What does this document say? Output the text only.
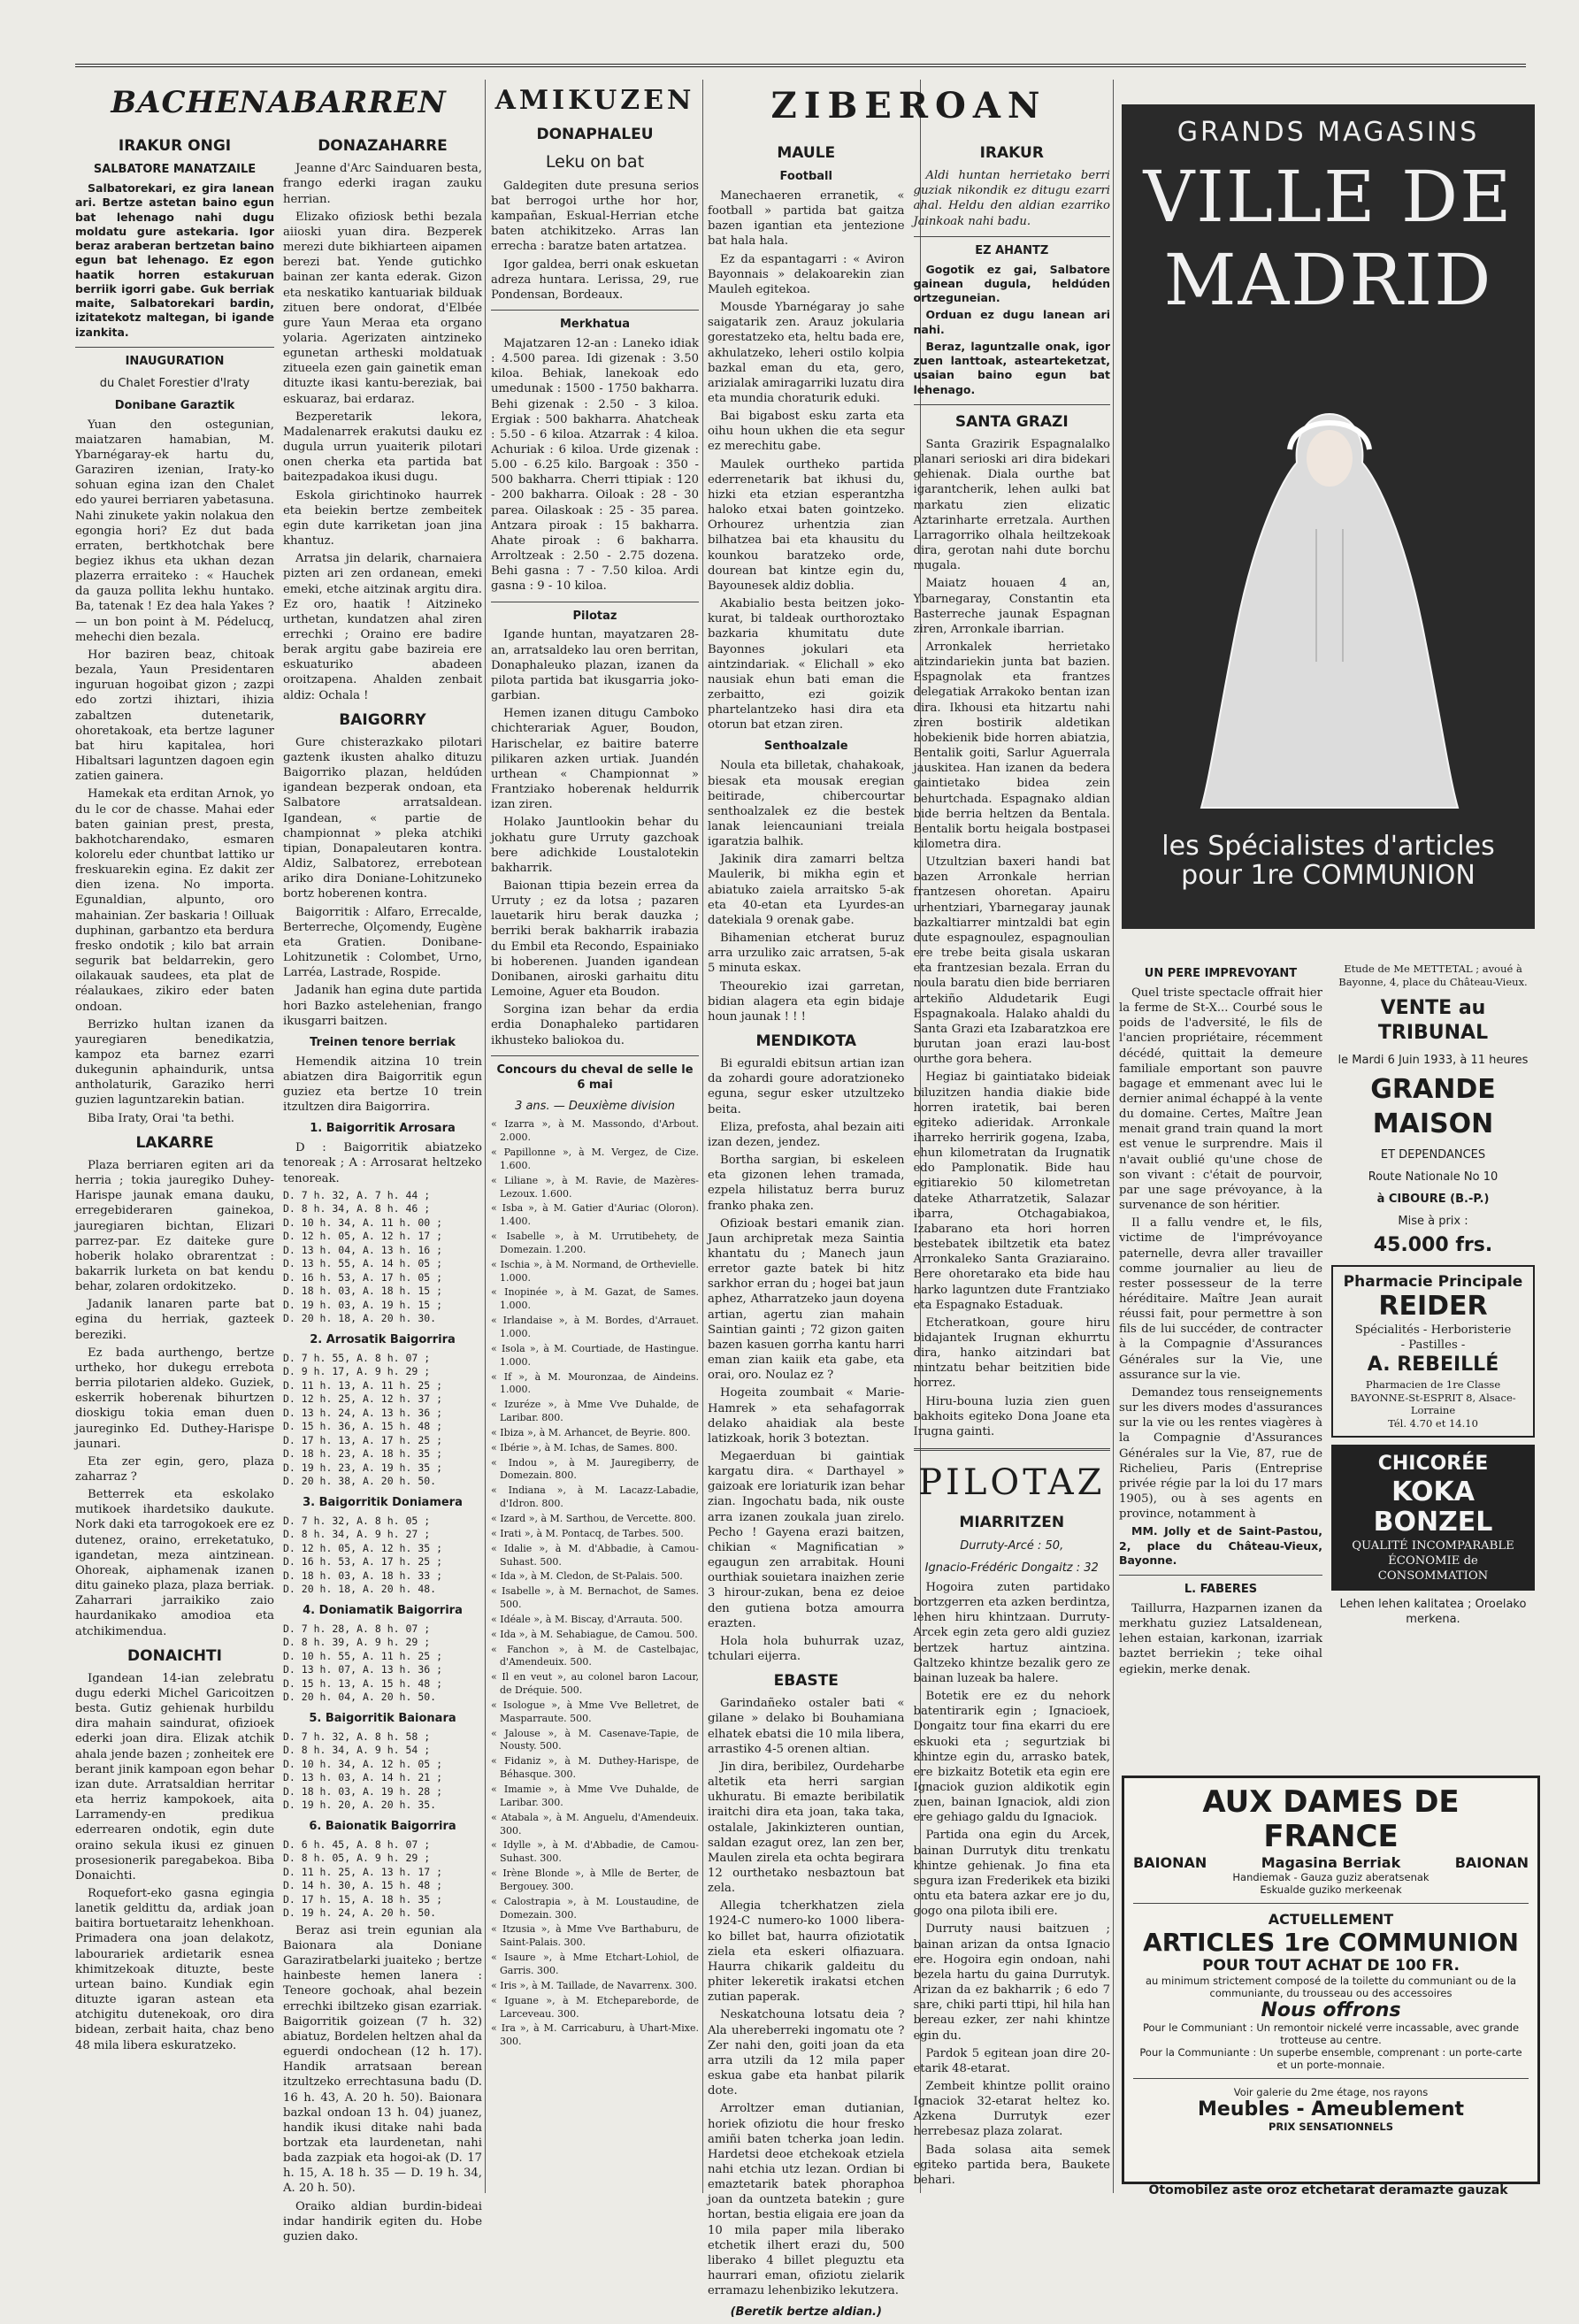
BACHENABARREN
IRAKUR ONGI
SALBATORE MANATZAILE

Salbatorekari, ez gira lanean ari. Bertze astetan baino egun bat lehenago nahi dugu moldatu gure astekaria. Igor beraz araberan bertzetan baino egun bat lehenago. Ez egon haatik horren estakuruan berriik igorri gabe. Guk berriak maite, Salbatorekari bardin, izitatekotz maltegan, bi igande izankita.

INAUGURATION
du Chalet Forestier d'Iraty
Donibane Garaztik

Yuan den ostegunian, maiatzaren hamabian, M. Ybarnégaray-ek hartu du, Garaziren izenian, Iraty-ko sohuan egina izan den Chalet edo yaurei berriaren yabetasuna. Nahi zinukete yakin nolakua den egongia hori? Ez dut bada erraten, bertkhotchak bere begiez ikhus eta ukhan dezan plazerra erraiteko : « Hauchek da gauza pollita lekhu huntako. Ba, tatenak ! Ez dea hala Yakes ? — un bon point à M. Pédelucq, mehechi dien bezala.

Hor baziren beaz, chitoak bezala, Yaun Presidentaren inguruan hogoibat gizon ; zazpi edo zortzi ihiztari, ihizia zabaltzen dutenetarik, ohoretakoak, eta bertze laguner bat hiru kapitalea, hori Hibaltsari laguntzen dagoen egin zatien gainera.

Hamekak eta erditan Arnok, yo du le cor de chasse. Mahai eder baten gainian prest, presta, bakhotcharendako, esmaren kolorelu eder chuntbat lattiko ur freskuarekin egina. Ez dakit zer dien izena. No importa. Egunaldian, alpunto, oro mahainian. Zer baskaria ! Oilluak duphinan, garbantzo eta berdura fresko ondotik ; kilo bat arrain segurik bat beldarrekin, gero oilakauak saudees, eta plat de réalaukaes, zikiro eder baten ondoan.

Berrizko hultan izanen da yauregiaren benedikatzia, kampoz eta barnez ezarri dukegunin aphaindurik, untsa antholaturik, Garaziko herri guzien laguntzarekin batian.

Biba Iraty, Orai 'ta bethi.

LAKARRE

Plaza berriaren egiten ari da herria ; tokia jauregiko Duhey-Harispe jaunak emana dauku, erregebideraren gainekoa, jauregiaren bichtan, Elizari parrez-par. Ez daiteke gure hoberik holako obrarentzat : bakarrik lurketa on bat kendu behar, zolaren ordokitzeko.

Jadanik lanaren parte bat egina du herriak, gazteek bereziki.

Ez bada aurthengo, bertze urtheko, hor dukegu errebota berria pilotarien aldeko. Guziek, eskerrik hoberenak bihurtzen dioskigu tokia eman duen jaureginko Ed. Duthey-Harispe jaunari.

Eta zer egin, gero, plaza zaharraz ?

Betterrek eta eskolako mutikoek ihardetsiko daukute. Nork daki eta tarrogokoek ere ez dutenez, oraino, erreketatuko, igandetan, meza aintzinean. Ohoreak, aiphamenak izanen ditu gaineko plaza, plaza berriak. Zaharrari jarraikiko zaio haurdanikako amodioa eta atchikimendua.

DONAICHTI

Igandean 14-ian zelebratu dugu ederki Michel Garicoitzen besta. Gutiz gehienak hurbildu dira mahain saindurat, ofizioek ederki joan dira. Elizak atchik ahala jende bazen ; zonheitek ere berant jinik kampoan egon behar izan dute. Arratsaldian herritar eta herriz kampokoek, aita Larramendy-en predikua ederrearen ondotik, egin dute oraino sekula ikusi ez ginuen prosesionerik paregabekoa. Biba Donaichti.

Roquefort-eko gasna egingia lanetik geldittu da, ardiak joan baitira bortuetaraitz lehenkhoan. Primadera ona joan delakotz, labourariek ardietarik esnea khimitzekoak dituzte, beste urtean baino. Kundiak egin dituzte igaran astean eta atchigitu dutenekoak, oro dira bidean, zerbait haita, chaz beno 48 mila libera eskuratzeko.

DONAZAHARRE

Jeanne d'Arc Sainduaren besta, frango ederki iragan zauku herrian.

Elizako ofiziosk bethi bezala aiioski yuan dira. Bezperek merezi dute bikhiarteen aipamen berezi bat. Yende gutichko bainan zer kanta ederak. Gizon eta neskatiko kantuariak bilduak zituen bere ondorat, d'Elbée gure Yaun Meraa eta organo yolaria. Agerizaten aintzineko egunetan artheski moldatuak zitueela ezen gain gainetik eman dituzte ikasi kantu-bereziak, bai eskuaraz, bai erdaraz.

Bezperetarik lekora, Madalenarrek erakutsi dauku ez dugula urrun yuaiterik pilotari onen cherka eta partida bat baitezpadakoa ikusi dugu.

Eskola girichtinoko haurrek eta beiekin bertze zembeitek egin dute karriketan joan jina khantuz.

Arratsa jin delarik, charnaiera pizten ari zen ordanean, emeki emeki, etche aitzinak argitu dira. Ez oro, haatik ! Aitzineko urthetan, kundatzen ahal ziren errechki ; Oraino ere badire berak argitu gabe bazireia ere eskuaturiko abadeen oroitzapena. Ahalden zenbait aldiz: Ochala !

BAIGORRY

Gure chisterazkako pilotari gaztenk ikusten ahalko dituzu Baigorriko plazan, heldúden igandean bezperak ondoan, eta Salbatore arratsaldean. Igandean, « partie de championnat » pleka atchiki tipian, Donapaleutaren kontra. Aldiz, Salbatorez, errebotean ariko dira Doniane-Lohitzuneko bortz hoberenen kontra.

Baigorritik : Alfaro, Errecalde, Berterreche, Olçomendy, Eugène eta Gratien. Donibane-Lohitzunetik : Colombet, Urno, Larréa, Lastrade, Rospide.

Jadanik han egina dute partida hori Bazko astelehenian, frango ikusgarri baitzen.

Treinen tenore berriak

Hemendik aitzina 10 trein abiatzen dira Baigorritik egun guziez eta bertze 10 trein itzultzen dira Baigorrira.

1. Baigorritik Arrosara

D : Baigorritik abiatzeko tenoreak ; A : Arrosarat heltzeko tenoreak.

D. 7 h. 32, A. 7 h. 44 ;
D. 8 h. 34, A. 8 h. 46 ;
D. 10 h. 34, A. 11 h. 00 ;
D. 12 h. 05, A. 12 h. 17 ;
D. 13 h. 04, A. 13 h. 16 ;
D. 13 h. 55, A. 14 h. 05 ;
D. 16 h. 53, A. 17 h. 05 ;
D. 18 h. 03, A. 18 h. 15 ;
D. 19 h. 03, A. 19 h. 15 ;
D. 20 h. 18, A. 20 h. 30.
2. Arrosatik Baigorrira
D. 7 h. 55, A. 8 h. 07 ;
D. 9 h. 17, A. 9 h. 29 ;
D. 11 h. 13, A. 11 h. 25 ;
D. 12 h. 25, A. 12 h. 37 ;
D. 13 h. 24, A. 13 h. 36 ;
D. 15 h. 36, A. 15 h. 48 ;
D. 17 h. 13, A. 17 h. 25 ;
D. 18 h. 23, A. 18 h. 35 ;
D. 19 h. 23, A. 19 h. 35 ;
D. 20 h. 38, A. 20 h. 50.
3. Baigorritik Doniamera
D. 7 h. 32, A. 8 h. 05 ;
D. 8 h. 34, A. 9 h. 27 ;
D. 12 h. 05, A. 12 h. 35 ;
D. 16 h. 53, A. 17 h. 25 ;
D. 18 h. 03, A. 18 h. 33 ;
D. 20 h. 18, A. 20 h. 48.
4. Doniamatik Baigorrira
D. 7 h. 28, A. 8 h. 07 ;
D. 8 h. 39, A. 9 h. 29 ;
D. 10 h. 55, A. 11 h. 25 ;
D. 13 h. 07, A. 13 h. 36 ;
D. 15 h. 13, A. 15 h. 48 ;
D. 20 h. 04, A. 20 h. 50.
5. Baigorritik Baionara
D. 7 h. 32, A. 8 h. 58 ;
D. 8 h. 34, A. 9 h. 54 ;
D. 10 h. 34, A. 12 h. 05 ;
D. 13 h. 03, A. 14 h. 21 ;
D. 18 h. 03, A. 19 h. 28 ;
D. 19 h. 20, A. 20 h. 35.
6. Baionatik Baigorrira
D. 6 h. 45, A. 8 h. 07 ;
D. 8 h. 05, A. 9 h. 29 ;
D. 11 h. 25, A. 13 h. 17 ;
D. 14 h. 30, A. 15 h. 48 ;
D. 17 h. 15, A. 18 h. 35 ;
D. 19 h. 24, A. 20 h. 50.

Beraz asi trein egunian ala Baionara ala Doniane Garaziratbelarki juaiteko ; bertze hainbeste hemen lanera : Teneore gochoak, ahal bezein errechki ibiltzeko gisan ezarriak. Baigorritik goizean (7 h. 32) abiatuz, Bordelen heltzen ahal da eguerdi ondochean (12 h. 17). Handik arratsaan berean itzultzeko errechtasuna badu (D. 16 h. 43, A. 20 h. 50). Baionara bazkal ondoan 13 h. 04) juanez, handik ikusi ditake nahi bada bortzak eta laurdenetan, nahi bada zazpiak eta hogoi-ak (D. 17 h. 15, A. 18 h. 35 — D. 19 h. 34, A. 20 h. 50).

Oraiko aldian burdin-bideai indar handirik egiten du. Hobe guzien dako.

AMIKUZEN
DONAPHALEU
Leku on bat

Galdegiten dute presuna serios bat berrogoi urthe hor hor, kampañan, Eskual-Herrian etche baten atchikitzeko. Arras lan errecha : baratze baten artatzea.

Igor galdea, berri onak eskuetan adreza huntara. Lerissa, 29, rue Pondensan, Bordeaux.

Merkhatua

Majatzaren 12-an : Laneko idiak : 4.500 parea. Idi gizenak : 3.50 kiloa. Behiak, lanekoak edo umedunak : 1500 - 1750 bakharra. Behi gizenak : 2.50 - 3 kiloa. Ergiak : 500 bakharra. Ahatcheak : 5.50 - 6 kiloa. Atzarrak : 4 kiloa. Achuriak : 6 kiloa. Urde gizenak : 5.00 - 6.25 kilo. Bargoak : 350 - 500 bakharra. Cherri ttipiak : 120 - 200 bakharra. Oiloak : 28 - 30 parea. Oilaskoak : 25 - 35 parea. Antzara piroak : 15 bakharra. Ahate piroak : 6 bakharra. Arroltzeak : 2.50 - 2.75 dozena. Behi gasna : 7 - 7.50 kiloa. Ardi gasna : 9 - 10 kiloa.

Pilotaz

Igande huntan, mayatzaren 28-an, arratsaldeko lau oren berritan, Donaphaleuko plazan, izanen da pilota partida bat ikusgarria joko-garbian.

Hemen izanen ditugu Camboko chichterariak Aguer, Boudon, Harischelar, ez baitire baterre pilikaren azken urtiak. Juandén urthean « Championnat » Frantziako hoberenak heldurrik izan ziren.

Holako Jauntlookin behar du jokhatu gure Urruty gazchoak bere adichkide Loustalotekin bakharrik.

Baionan ttipia bezein errea da Urruty ; ez da lotsa ; pazaren lauetarik hiru berak dauzka ; berriki berak bakharrik irabazia du Embil eta Recondo, Espainiako bi hoberenen. Juanden igandean Donibanen, airoski garhaitu ditu Lemoine, Aguer eta Boudon.

Sorgina izan behar da erdia erdia Donaphaleko partidaren ikhusteko baliokoa du.

Concours du cheval de selle le 6 mai
3 ans. — Deuxième division
« Izarra », à M. Massondo, d'Arbout. 2.000.
« Papillonne », à M. Vergez, de Cize. 1.600.
« Liliane », à M. Ravie, de Mazères-Lezoux. 1.600.
« Isba », à M. Gatier d'Auriac (Oloron). 1.400.
« Isabelle », à M. Urrutibehety, de Domezain. 1.200.
« Ischia », à M. Normand, de Orthevielle. 1.000.
« Inopinée », à M. Gazat, de Sames. 1.000.
« Irlandaise », à M. Bordes, d'Arrauet. 1.000.
« Isola », à M. Courtiade, de Hastingue. 1.000.
« If », à M. Mouronzaa, de Aindeins. 1.000.
« Izuréze », à Mme Vve Duhalde, de Laribar. 800.
« Ibiza », à M. Arhancet, de Beyrie. 800.
« Ibérie », à M. Ichas, de Sames. 800.
« Indou », à M. Jauregiberry, de Domezain. 800.
« Indiana », à M. Lacazz-Labadie, d'Idron. 800.
« Izard », à M. Sarthou, de Vercette. 800.
« Irati », à M. Pontacq, de Tarbes. 500.
« Idalie », à M. d'Abbadie, à Camou-Suhast. 500.
« Ida », à M. Cledon, de St-Palais. 500.
« Isabelle », à M. Bernachot, de Sames. 500.
« Idéale », à M. Biscay, d'Arrauta. 500.
« Ida », à M. Sehabiague, de Camou. 500.
« Fanchon », à M. de Castelbajac, d'Amendeuix. 500.
« Il en veut », au colonel baron Lacour, de Dréquie. 500.
« Isologue », à Mme Vve Belletret, de Masparraute. 500.
« Jalouse », à M. Casenave-Tapie, de Nousty. 500.
« Fidaniz », à M. Duthey-Harispe, de Béhasque. 300.
« Imamie », à Mme Vve Duhalde, de Laribar. 300.
« Atabala », à M. Anguelu, d'Amendeuix. 300.
« Idylle », à M. d'Abbadie, de Camou-Suhast. 300.
« Irène Blonde », à Mlle de Berter, de Bergouey. 300.
« Calostrapia », à M. Loustaudine, de Domezain. 300.
« Itzusia », à Mme Vve Barthaburu, de Saint-Palais. 300.
« Isaure », à Mme Etchart-Lohiol, de Garris. 300.
« Iris », à M. Taillade, de Navarrenx. 300.
« Iguane », à M. Etchepareborde, de Larceveau. 300.
« Ira », à M. Carricaburu, à Uhart-Mixe. 300.
ZIBEROAN
MAULE
Football

Manechaeren erranetik, « football » partida bat gaitza bazen igantian eta jentezione bat hala hala.

Ez da espantagarri : « Aviron Bayonnais » delakoarekin zian Mauleh egitekoa.

Mousde Ybarnégaray jo sahe saigatarik zen. Arauz jokularia gorestatzeko eta, heltu bada ere, akhulatzeko, leheri ostilo kolpia bazkal eman du eta, gero, arizialak amiragarriki luzatu dira eta mundia choraturik eduki.

Bai bigabost esku zarta eta oihu houn ukhen die eta segur ez merechitu gabe.

Maulek ourtheko partida ederrenetarik bat ikhusi du, hizki eta etzian esperantzha haloko etxai baten gointzeko. Orhourez urhentzia zian bilhatzea bai eta khausitu du kounkou baratzeko orde, dourean bat kintze egin du, Bayounesek aldiz doblia.

Akabialio besta beitzen joko-kurat, bi taldeak ourthoroztako bazkaria khumitatu dute Bayonnes jokulari eta aintzindariak. « Elichall » eko nausiak ehun bati eman die zerbaitto, ezi goizik phartelantzeko hasi dira eta otorun bat etzan ziren.

Senthoalzale

Noula eta billetak, chahakoak, biesak eta mousak eregian beitirade, chibercourtar senthoalzalek ez die bestek lanak leiencauniani treiala igaratzia balhik.

Jakinik dira zamarri beltza Maulerik, bi mikha egin et abiatuko zaiela arraitsko 5-ak eta 40-etan eta Lyurdes-an datekiala 9 orenak gabe.

Bihamenian etcherat buruz arra urzuliko zaic arratsen, 5-ak 5 minuta eskax.

Theourekio izai garretan, bidian alagera eta egin bidaje houn jaunak ! ! !

MENDIKOTA

Bi eguraldi ebitsun artian izan da zohardi goure adoratzioneko eguna, segur esker utzultzeko beita.

Eliza, prefosta, ahal bezain aiti izan dezen, jendez.

Bortha sargian, bi eskeleen eta gizonen lehen tramada, ezpela hilistatuz berra buruz franko phaka zen.

Ofizioak bestari emanik zian. Jaun archipretak meza Saintia khantatu du ; Manech jaun erretor gazte batek bi hitz sarkhor erran du ; hogei bat jaun aphez, Atharratzeko jaun doyena artian, agertu zian mahain Saintian gainti ; 72 gizon gaiten bazen kasuen gorrha kantu harri eman zian kaiik eta gabe, eta orai, oro. Noulaz ez ?

Hogeita zoumbait « Marie-Hamrek » eta sehafagorrak delako ahaidiak ala beste latizkoak, horik 3 boteztan.

Megaerduan bi gaintiak kargatu dira. « Darthayel » gaizoak ere loriaturik izan behar zian. Ingochatu bada, nik ouste arra izanen zoukala juan zirelo. Pecho ! Gayena erazi baitzen, chikian « Magnificatian » egaugun zen arrabitak. Houni ourthiak souietara inaizhen zerie 3 hirour-zukan, bena ez deioe den gutiena botza amourra erazten.

Hola hola buhurrak uzaz, tchulari eijerra.

EBASTE

Garindañeko ostaler bati « gilane » delako bi Bouhamiana elhatek ebatsi die 10 mila libera, arrastiko 4-5 orenen altian.

Jin dira, beribilez, Ourdeharbe altetik eta herri sargian ukhuratu. Bi emazte beribilatik iraitchi dira eta joan, taka taka, ostalale, Jakinkizteren ountian, saldan ezagut orez, lan zen ber, Maulen zirela eta ochta begirara 12 ourthetako nesbaztoun bat zela.

Allegia tcherkhatzen ziela 1924-C numero-ko 1000 libera-ko billet bat, haurra ofiziotatik ziela eta eskeri olfiazuara. Haurra chikarik galdeitu du phiter lekeretik irakatsi etchen zutian paperak.

Neskatchouna lotsatu deia ? Ala uhereberreki ingomatu ote ? Zer nahi den, goiti joan da eta arra utzili da 12 mila paper eskua gabe eta hanbat pilarik dote.

Arroltzer eman dutianian, horiek ofiziotu die hour fresko amiñi baten tcherka joan ledin. Hardetsi deoe etchekoak etziela nahi etchia utz lezan. Ordian bi emaztetarik batek phoraphoa joan da ountzeta batekin ; gure hortan, bestia eligaia ere joan da 10 mila paper mila liberako etchetik ilhert erazi du, 500 liberako 4 billet pleguztu eta haurrari eman, ofiziotu zielarik erramazu lehenbiziko lekutzera.

(Beretik bertze aldian.)
IRAKUR

Aldi huntan herrietako berri guziak nikondik ez ditugu ezarri ahal. Heldu den aldian ezarriko Jainkoak nahi badu.

EZ AHANTZ

Gogotik ez gai, Salbatore gainean dugula, heldúden ortzeguneian.

Orduan ez dugu lanean ari nahi.

Beraz, laguntzalle onak, igor zuen lanttoak, astearteketzat, usaian baino egun bat lehenago.

SANTA GRAZI

Santa Grazirik Espagnalalko planari serioski ari dira bidekari gehienak. Diala ourthe bat igarantcherik, lehen aulki bat markatu zien elizatic Aztarinharte erretzala. Aurthen Larragorriko olhala heiltzekoak dira, gerotan nahi dute borchu mugala.

Maiatz houaen 4 an, Ybarnegaray, Constantin eta Basterreche jaunak Espagnan ziren, Arronkale ibarrian.

Arronkalek herrietako aitzindariekin junta bat bazien. Espagnolak eta frantzes delegatiak Arrakoko bentan izan dira. Ikhousi eta hitzartu nahi ziren bostirik aldetikan hobekienik bide horren abiatzia, Bentalik goiti, Sarlur Aguerrala jauskitea. Han izanen da bedera gaintietako bidea zein behurtchada. Espagnako aldian bide berria heltzen da Bentala. Bentalik bortu heigala bostpasei kilometra dira.

Utzultzian baxeri handi bat bazen Arronkale herrian frantzesen ohoretan. Apairu urhentziari, Ybarnegaray jaunak bazkaltiarrer mintzaldi bat egin dute espagnoulez, espagnoulian ere trebe beita gisala uskaran eta frantzesian bezala. Erran du noula baratu dien bide berriaren artekiño Aldudetarik Eugi Espagnakoala. Halako ahaldi du Santa Grazi eta Izabaratzkoa ere burutan joan erazi lau-bost ourthe gora behera.

Hegiaz bi gaintiatako bideiak biluzitzen handia diakie bide horren iratetik, bai beren egiteko adieridak. Arronkale iharreko herririk gogena, Izaba, ehun kilometratan da Irugnatik edo Pamplonatik. Bide hau egitiarekio 50 kilometretan dateke Atharratzetik, Salazar ibarra, Otchagabiakoa, Izabarano eta hori horren bestebatek ibiltzetik eta batez Arronkaleko Santa Graziaraino. Bere ohoretarako eta bide hau harko laguntzen dute Frantziako eta Espagnako Estaduak.

Etcheratkoan, goure hiru bidajantek Irugnan ekhurrtu dira, hanko aitzindari bat mintzatu behar beitzitien bide horrez.

Hiru-bouna luzia zien guen bakhoits egiteko Dona Joane eta Irugna gainti.

PILOTAZ
MIARRITZEN
Durruty-Arcé : 50,
Ignacio-Frédéric Dongaitz : 32

Hogoira zuten partidako bortzgerren eta azken berdintza, lehen hiru khintzaan. Durruty-Arcek egin zeta gero aldi guziez bertzek hartuz aintzina. Galtzeko khintze bezalik gero ze bainan luzeak ba halere.

Botetik ere ez du nehork batentirarik egin ; Ignacioek, Dongaitz tour fina ekarri du ere eskuoki eta ; segurtziak bi khintze egin du, arrasko batek, ere bizkaitz Botetik eta egin ere Ignaciok guzion aldikotik egin zuen, bainan Ignaciok, aldi zion ere gehiago galdu du Ignaciok.

Partida ona egin du Arcek, bainan Durrutyk ditu trenkatu khintze gehienak. Jo fina eta segura izan Frederikek eta biziki ontu eta batera azkar ere jo du, gogo ona pilota ibili ere.

Durruty nausi baitzuen ; bainan arizan da ontsa Ignacio ere. Hogoira egin ondoan, nahi bezela hartu du gaina Durrutyk. Arizan da ez bakharrik ; 6 edo 7 sare, chiki parti ttipi, hil hila han bereau ezker, zer nahi khintze egin du.

Pardok 5 egitean joan dire 20-etarik 48-etarat.

Zembeit khintze pollit oraino Ignaciok 32-etarat heltez ko. Azkena Durrutyk ezer herrebesaz plaza zolarat.

Bada solasa aita semek egiteko partida bera, Baukete behari.

GRANDS MAGASINS
VILLE DE
MADRID
les Spécialistes d'articles
pour 1re COMMUNION
UN PERE IMPREVOYANT

Quel triste spectacle offrait hier la ferme de St-X... Courbé sous le poids de l'adversité, le fils de l'ancien propriétaire, récemment décédé, quittait la demeure familiale emportant son pauvre bagage et emmenant avec lui le dernier animal échappé à la vente du domaine. Certes, Maître Jean menait grand train quand la mort est venue le surprendre. Mais il n'avait oublié qu'une chose de son vivant : c'était de pourvoir, par une sage prévoyance, à la survenance de son héritier.

Il a fallu vendre et, le fils, victime de l'imprévoyance paternelle, devra aller travailler comme journalier au lieu de rester possesseur de la terre héréditaire. Maître Jean aurait réussi fait, pour permettre à son fils de lui succéder, de contracter à la Compagnie d'Assurances Générales sur la Vie, une assurance sur la vie.

Demandez tous renseignements sur les divers modes d'assurances sur la vie ou les rentes viagères à la Compagnie d'Assurances Générales sur la Vie, 87, rue de Richelieu, Paris (Entreprise privée régie par la loi du 17 mars 1905), ou à ses agents en province, notamment à

MM. Jolly et de Saint-Pastou, 2, place du Château-Vieux, Bayonne.

L. FABERES

Taillurra, Hazparnen izanen da merkhatu guziez Latsaldenean, lehen estaian, karkonan, izarriak baztet berriekin ; teke oihal egiekin, merke denak.

Etude de Me METTETAL ; avoué à Bayonne, 4, place du Château-Vieux.

VENTE au TRIBUNAL
le Mardi 6 Juin 1933, à 11 heures
GRANDE MAISON
ET DEPENDANCES
Route Nationale No 10
à CIBOURE (B.-P.)
Mise à prix :
45.000 frs.
Pharmacie Principale
REIDER
Spécialités - Herboristerie
- Pastilles -
A. REBEILLÉ
Pharmacien de 1re Classe
BAYONNE-St-ESPRIT 8, Alsace-Lorraine
Tél. 4.70 et 14.10
CHICORÉE
KOKA BONZEL
QUALITÉ INCOMPARABLE
ÉCONOMIE de CONSOMMATION
Lehen lehen kalitatea ; Oroelako merkena.
AUX DAMES DE FRANCE
BAIONAN	Magasina Berriak	BAIONAN
Handiemak - Gauza guziz aberatsenak
Eskualde guziko merkeenak
ACTUELLEMENT
ARTICLES 1re COMMUNION
POUR TOUT ACHAT DE 100 FR.
au minimum strictement composé de la toilette du communiant ou de la communiante, du trousseau ou des accessoires
Nous offrons
Pour le Communiant : Un remontoir nickelé verre incassable, avec grande trotteuse au centre.
Pour la Communiante : Un superbe ensemble, comprenant : un porte-carte et un porte-monnaie.
Voir galerie du 2me étage, nos rayons
Meubles - Ameublement
PRIX SENSATIONNELS
Otomobilez aste oroz etchetarat deramazte gauzak
